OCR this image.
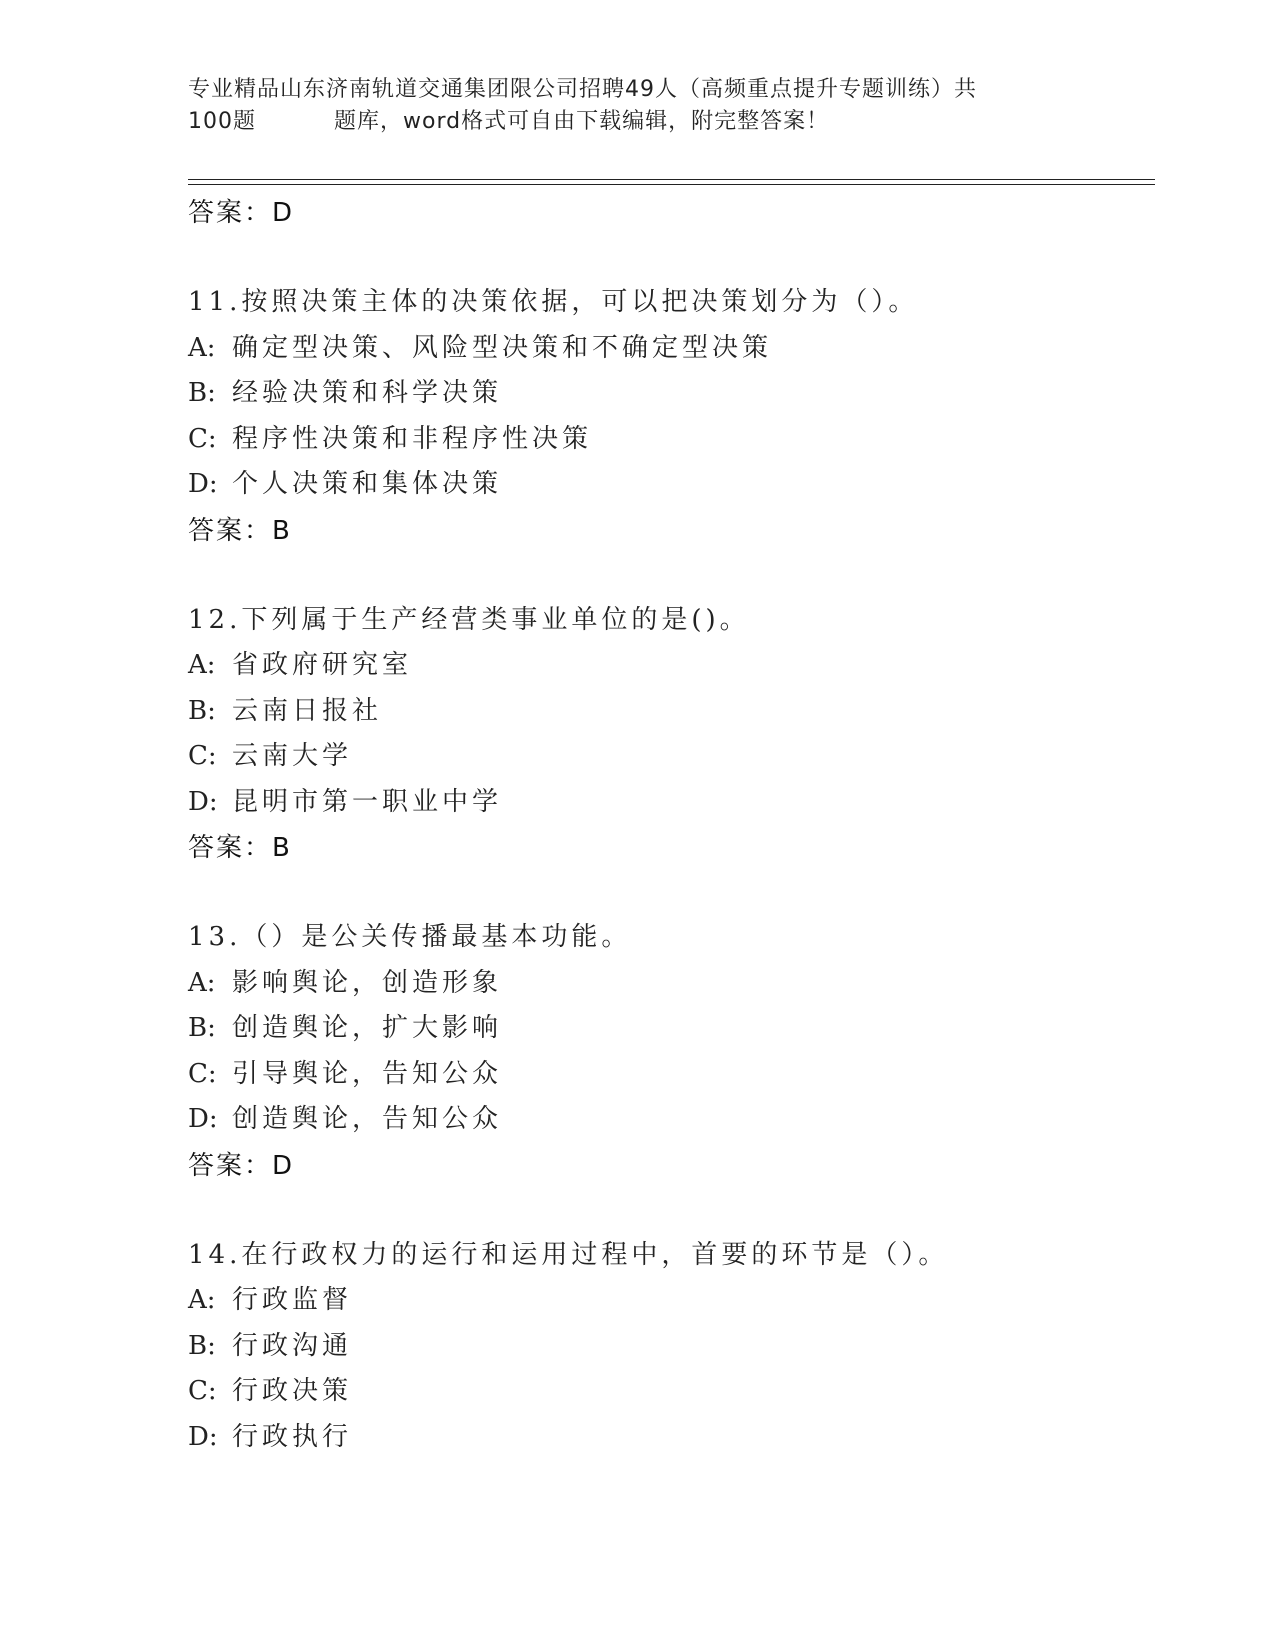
专业精品山东济南轨道交通集团限公司招聘49人（高频重点提升专题训练）共
100题	题库，word格式可自由下载编辑，附完整答案！
答案：D
11.按照决策主体的决策依据，可以把决策划分为（）。
A: 确定型决策、风险型决策和不确定型决策
B: 经验决策和科学决策
C: 程序性决策和非程序性决策
D: 个人决策和集体决策
答案：B
12.下列属于生产经营类事业单位的是()。
A: 省政府研究室
B: 云南日报社
C: 云南大学
D: 昆明市第一职业中学
答案：B
13.（）是公关传播最基本功能。
A: 影响舆论，创造形象
B: 创造舆论，扩大影响
C: 引导舆论，告知公众
D: 创造舆论，告知公众
答案：D
14.在行政权力的运行和运用过程中，首要的环节是（）。
A: 行政监督
B: 行政沟通
C: 行政决策
D: 行政执行
